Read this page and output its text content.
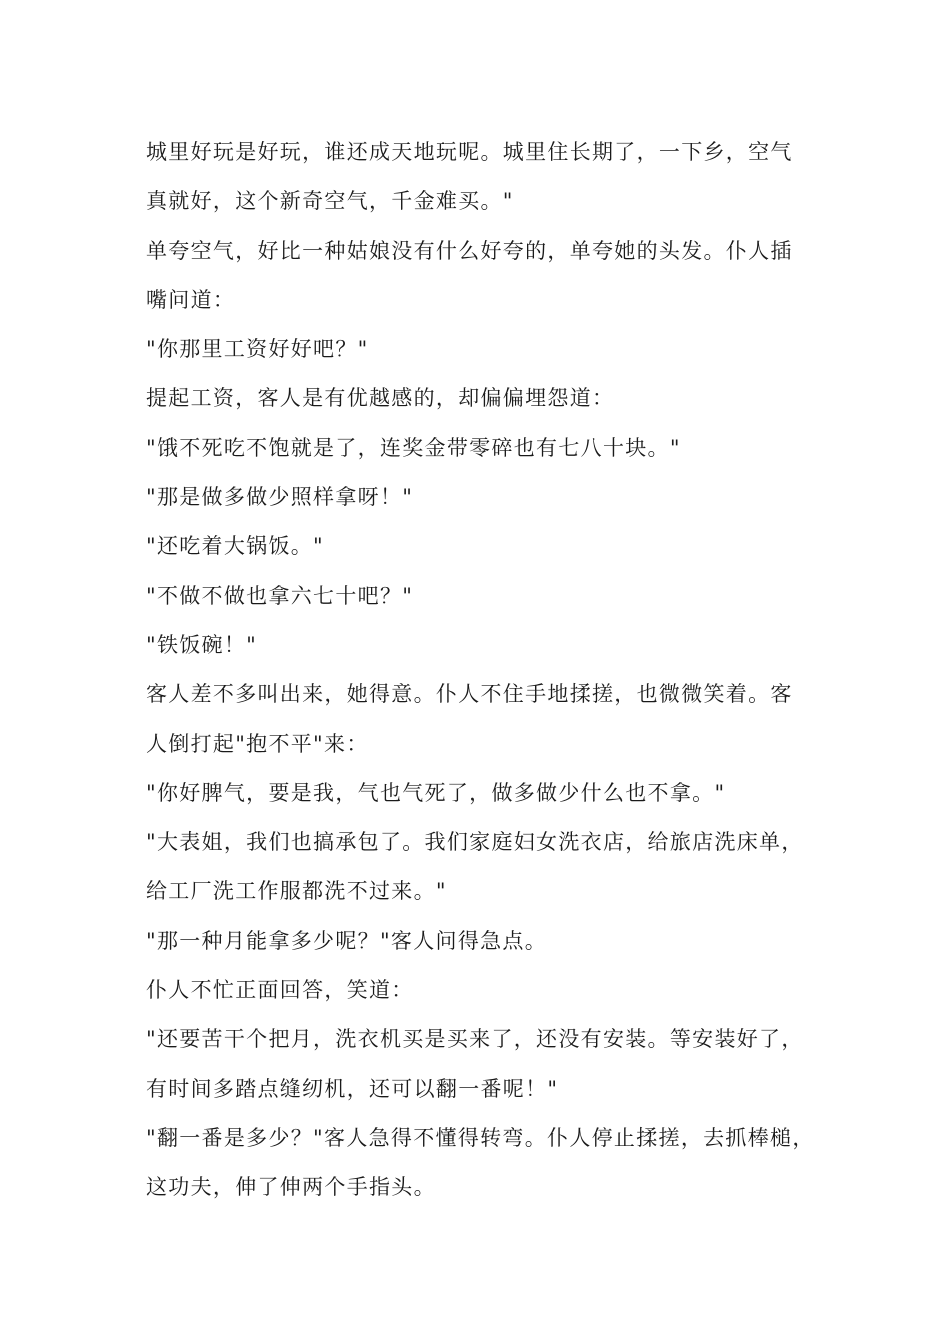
城里好玩是好玩，谁还成天地玩呢。城里住长期了，一下乡，空气
真就好，这个新奇空气，千金难买。"
单夸空气，好比一种姑娘没有什么好夸的，单夸她的头发。仆人插
嘴问道：
"你那里工资好好吧？"
提起工资，客人是有优越感的，却偏偏埋怨道：
"饿不死吃不饱就是了，连奖金带零碎也有七八十块。"
"那是做多做少照样拿呀！"
"还吃着大锅饭。"
"不做不做也拿六七十吧？"
"铁饭碗！"
客人差不多叫出来，她得意。仆人不住手地揉搓，也微微笑着。客
人倒打起"抱不平"来：
"你好脾气，要是我，气也气死了，做多做少什么也不拿。"
"大表姐，我们也搞承包了。我们家庭妇女洗衣店，给旅店洗床单，
给工厂洗工作服都洗不过来。"
"那一种月能拿多少呢？"客人问得急点。
仆人不忙正面回答，笑道：
"还要苦干个把月，洗衣机买是买来了，还没有安装。等安装好了，
有时间多踏点缝纫机，还可以翻一番呢！"
"翻一番是多少？"客人急得不懂得转弯。仆人停止揉搓，去抓棒槌，
这功夫，伸了伸两个手指头。
